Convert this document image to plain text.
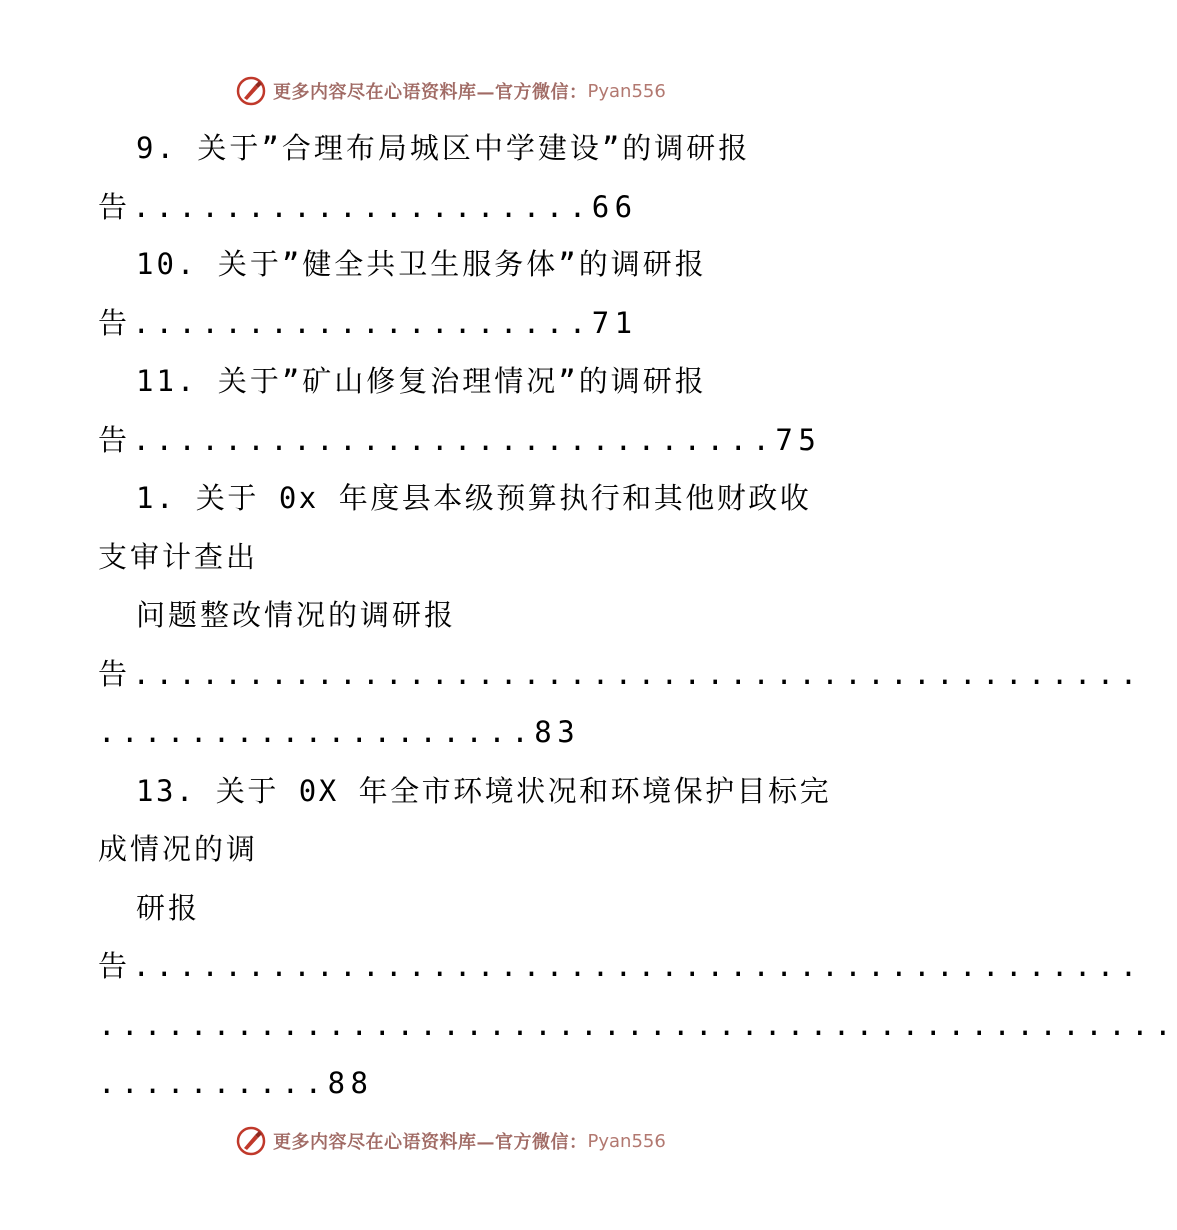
更多内容尽在心语资料库—官方微信： Pyan556
9. 关于”合理布局城区中学建设”的调研报
告....................66
10. 关于”健全共卫生服务体”的调研报
告....................71
11. 关于”矿山修复治理情况”的调研报
告............................75
1. 关于 0x 年度县本级预算执行和其他财政收
支审计查出
问题整改情况的调研报
告............................................
...................83
13. 关于 0X 年全市环境状况和环境保护目标完
成情况的调
研报
告............................................
...............................................
..........88
更多内容尽在心语资料库—官方微信： Pyan556
